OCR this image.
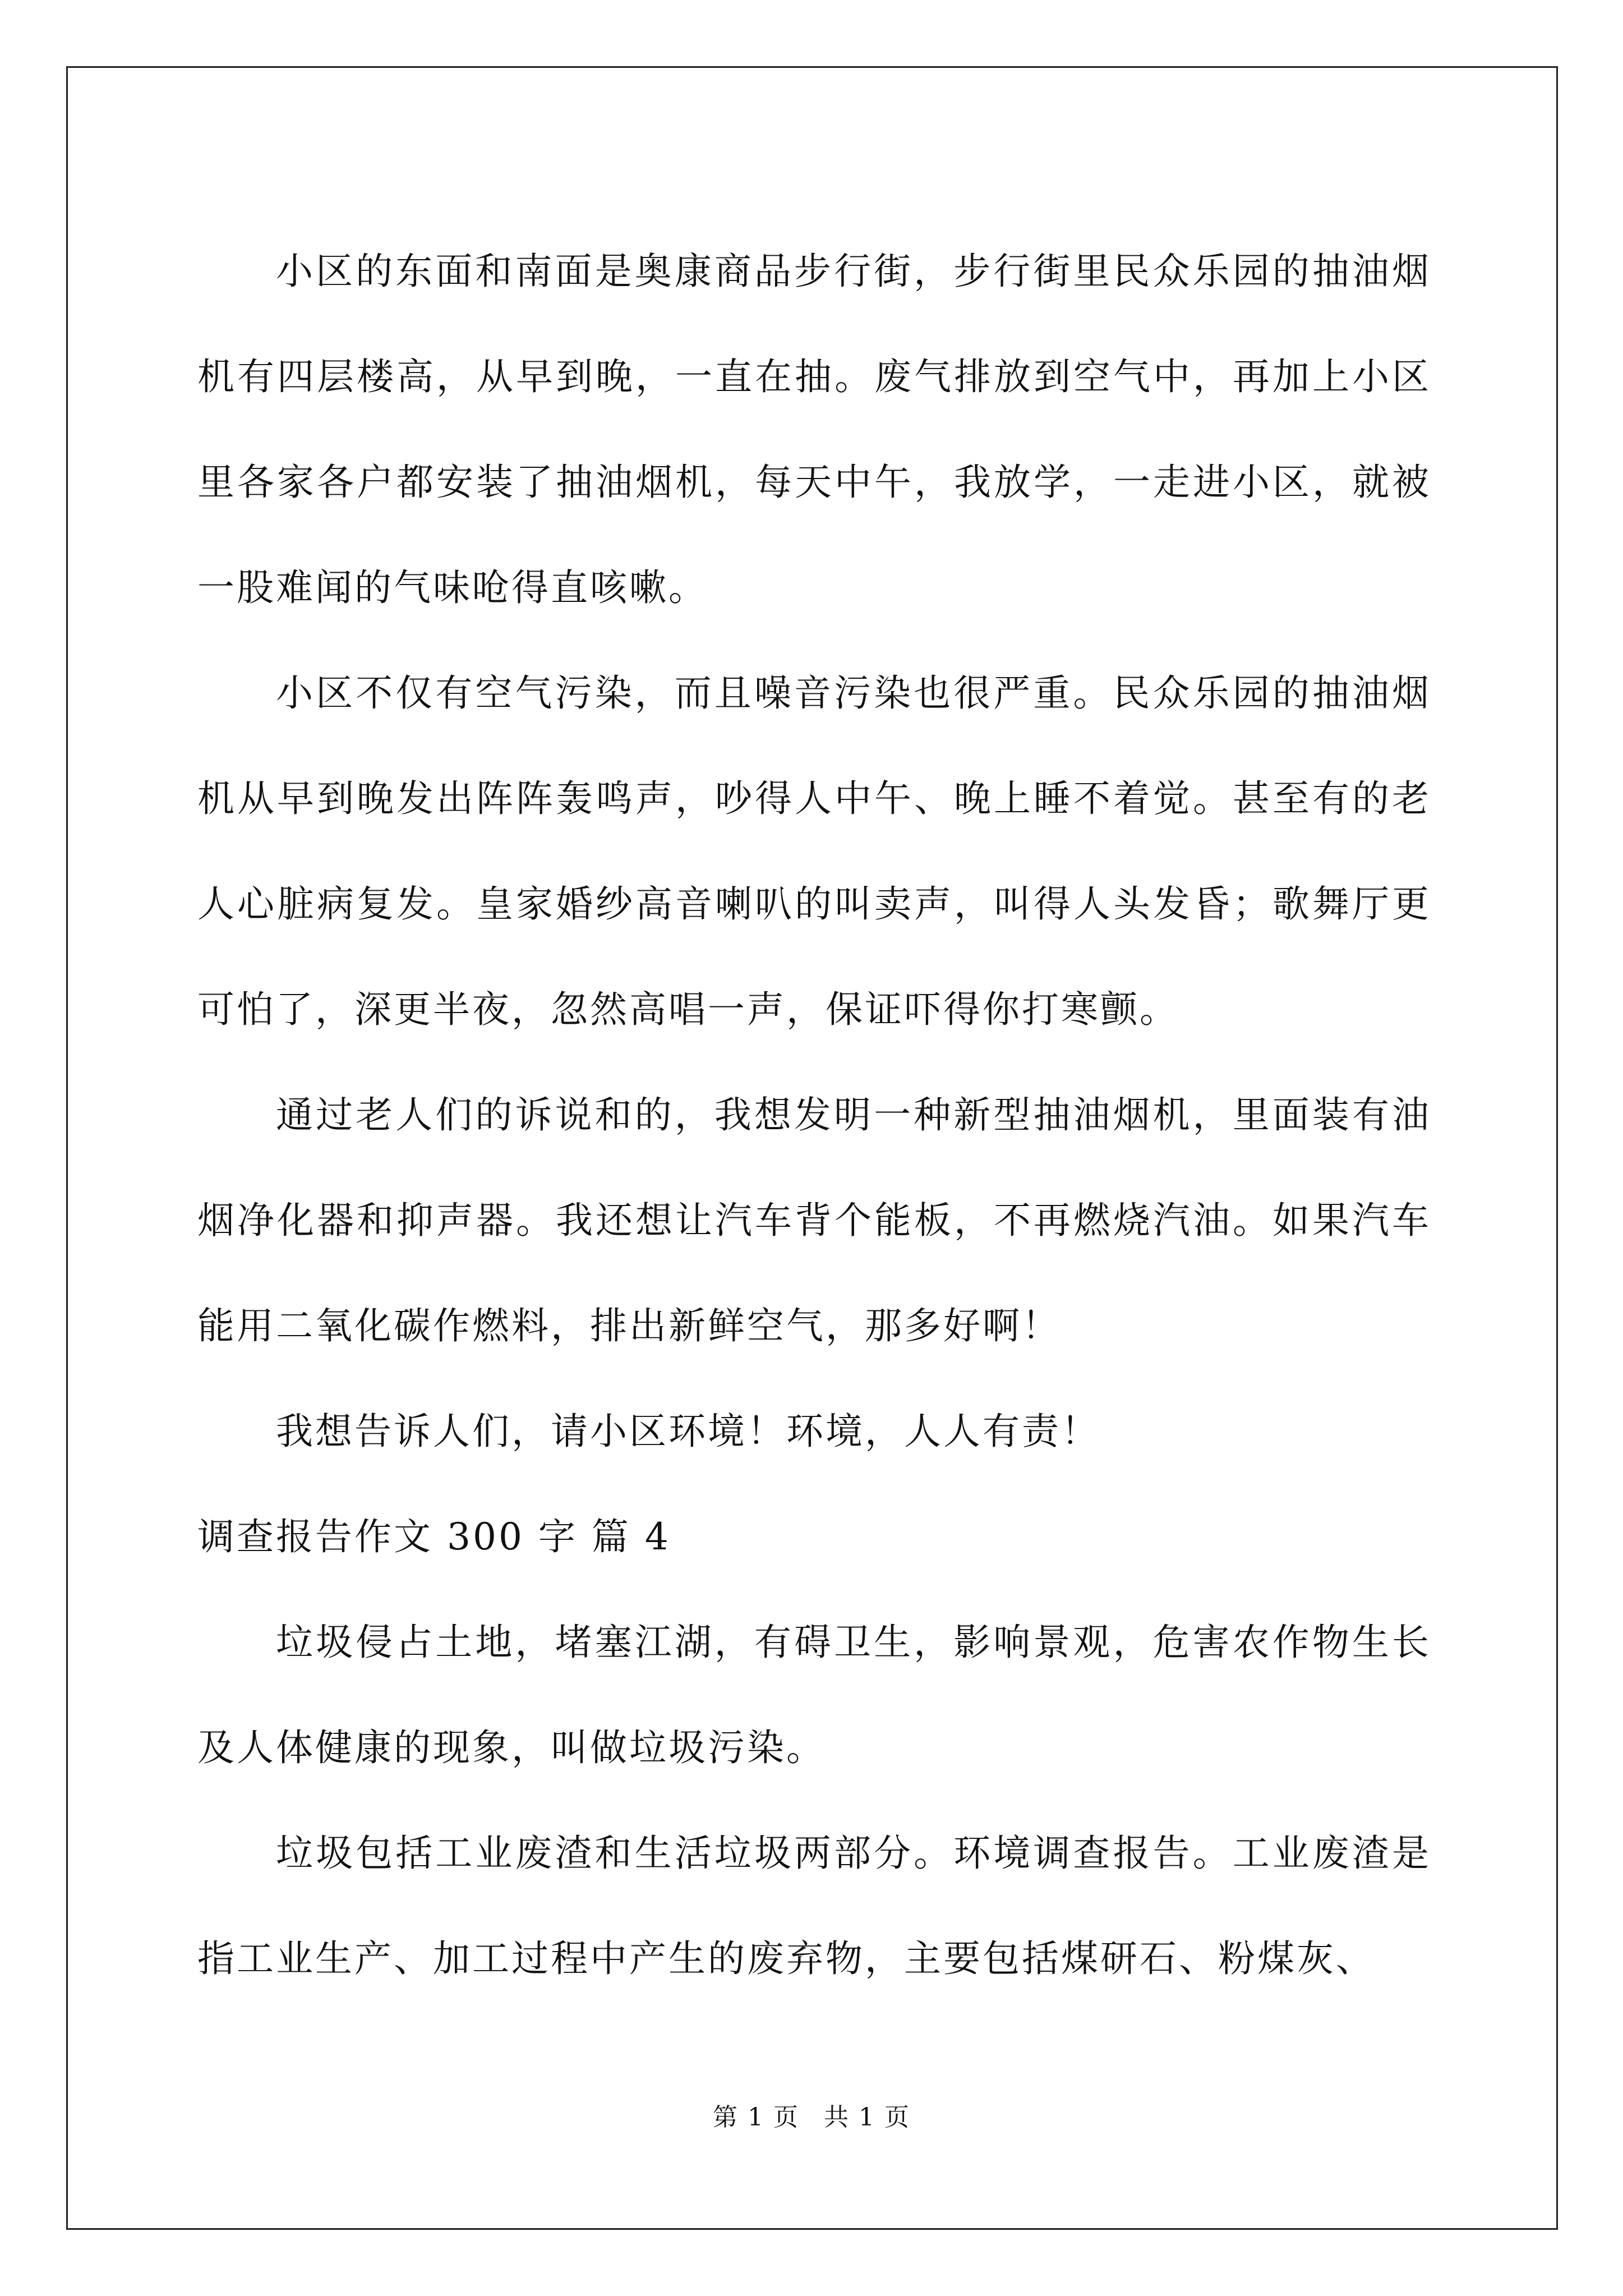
小区的东面和南面是奥康商品步行街，步行街里民众乐园的抽油烟机有四层楼高，从早到晚，一直在抽。废气排放到空气中，再加上小区里各家各户都安装了抽油烟机，每天中午，我放学，一走进小区，就被一股难闻的气味呛得直咳嗽。

小区不仅有空气污染，而且噪音污染也很严重。民众乐园的抽油烟机从早到晚发出阵阵轰鸣声，吵得人中午、晚上睡不着觉。甚至有的老人心脏病复发。皇家婚纱高音喇叭的叫卖声，叫得人头发昏；歌舞厅更可怕了，深更半夜，忽然高唱一声，保证吓得你打寒颤。

通过老人们的诉说和的，我想发明一种新型抽油烟机，里面装有油烟净化器和抑声器。我还想让汽车背个能板，不再燃烧汽油。如果汽车能用二氧化碳作燃料，排出新鲜空气，那多好啊！

我想告诉人们，请小区环境！环境，人人有责！

调查报告作文 300 字 篇 4

垃圾侵占土地，堵塞江湖，有碍卫生，影响景观，危害农作物生长及人体健康的现象，叫做垃圾污染。

垃圾包括工业废渣和生活垃圾两部分。环境调查报告。工业废渣是指工业生产、加工过程中产生的废弃物，主要包括煤研石、粉煤灰、

第 1 页 共 1 页
